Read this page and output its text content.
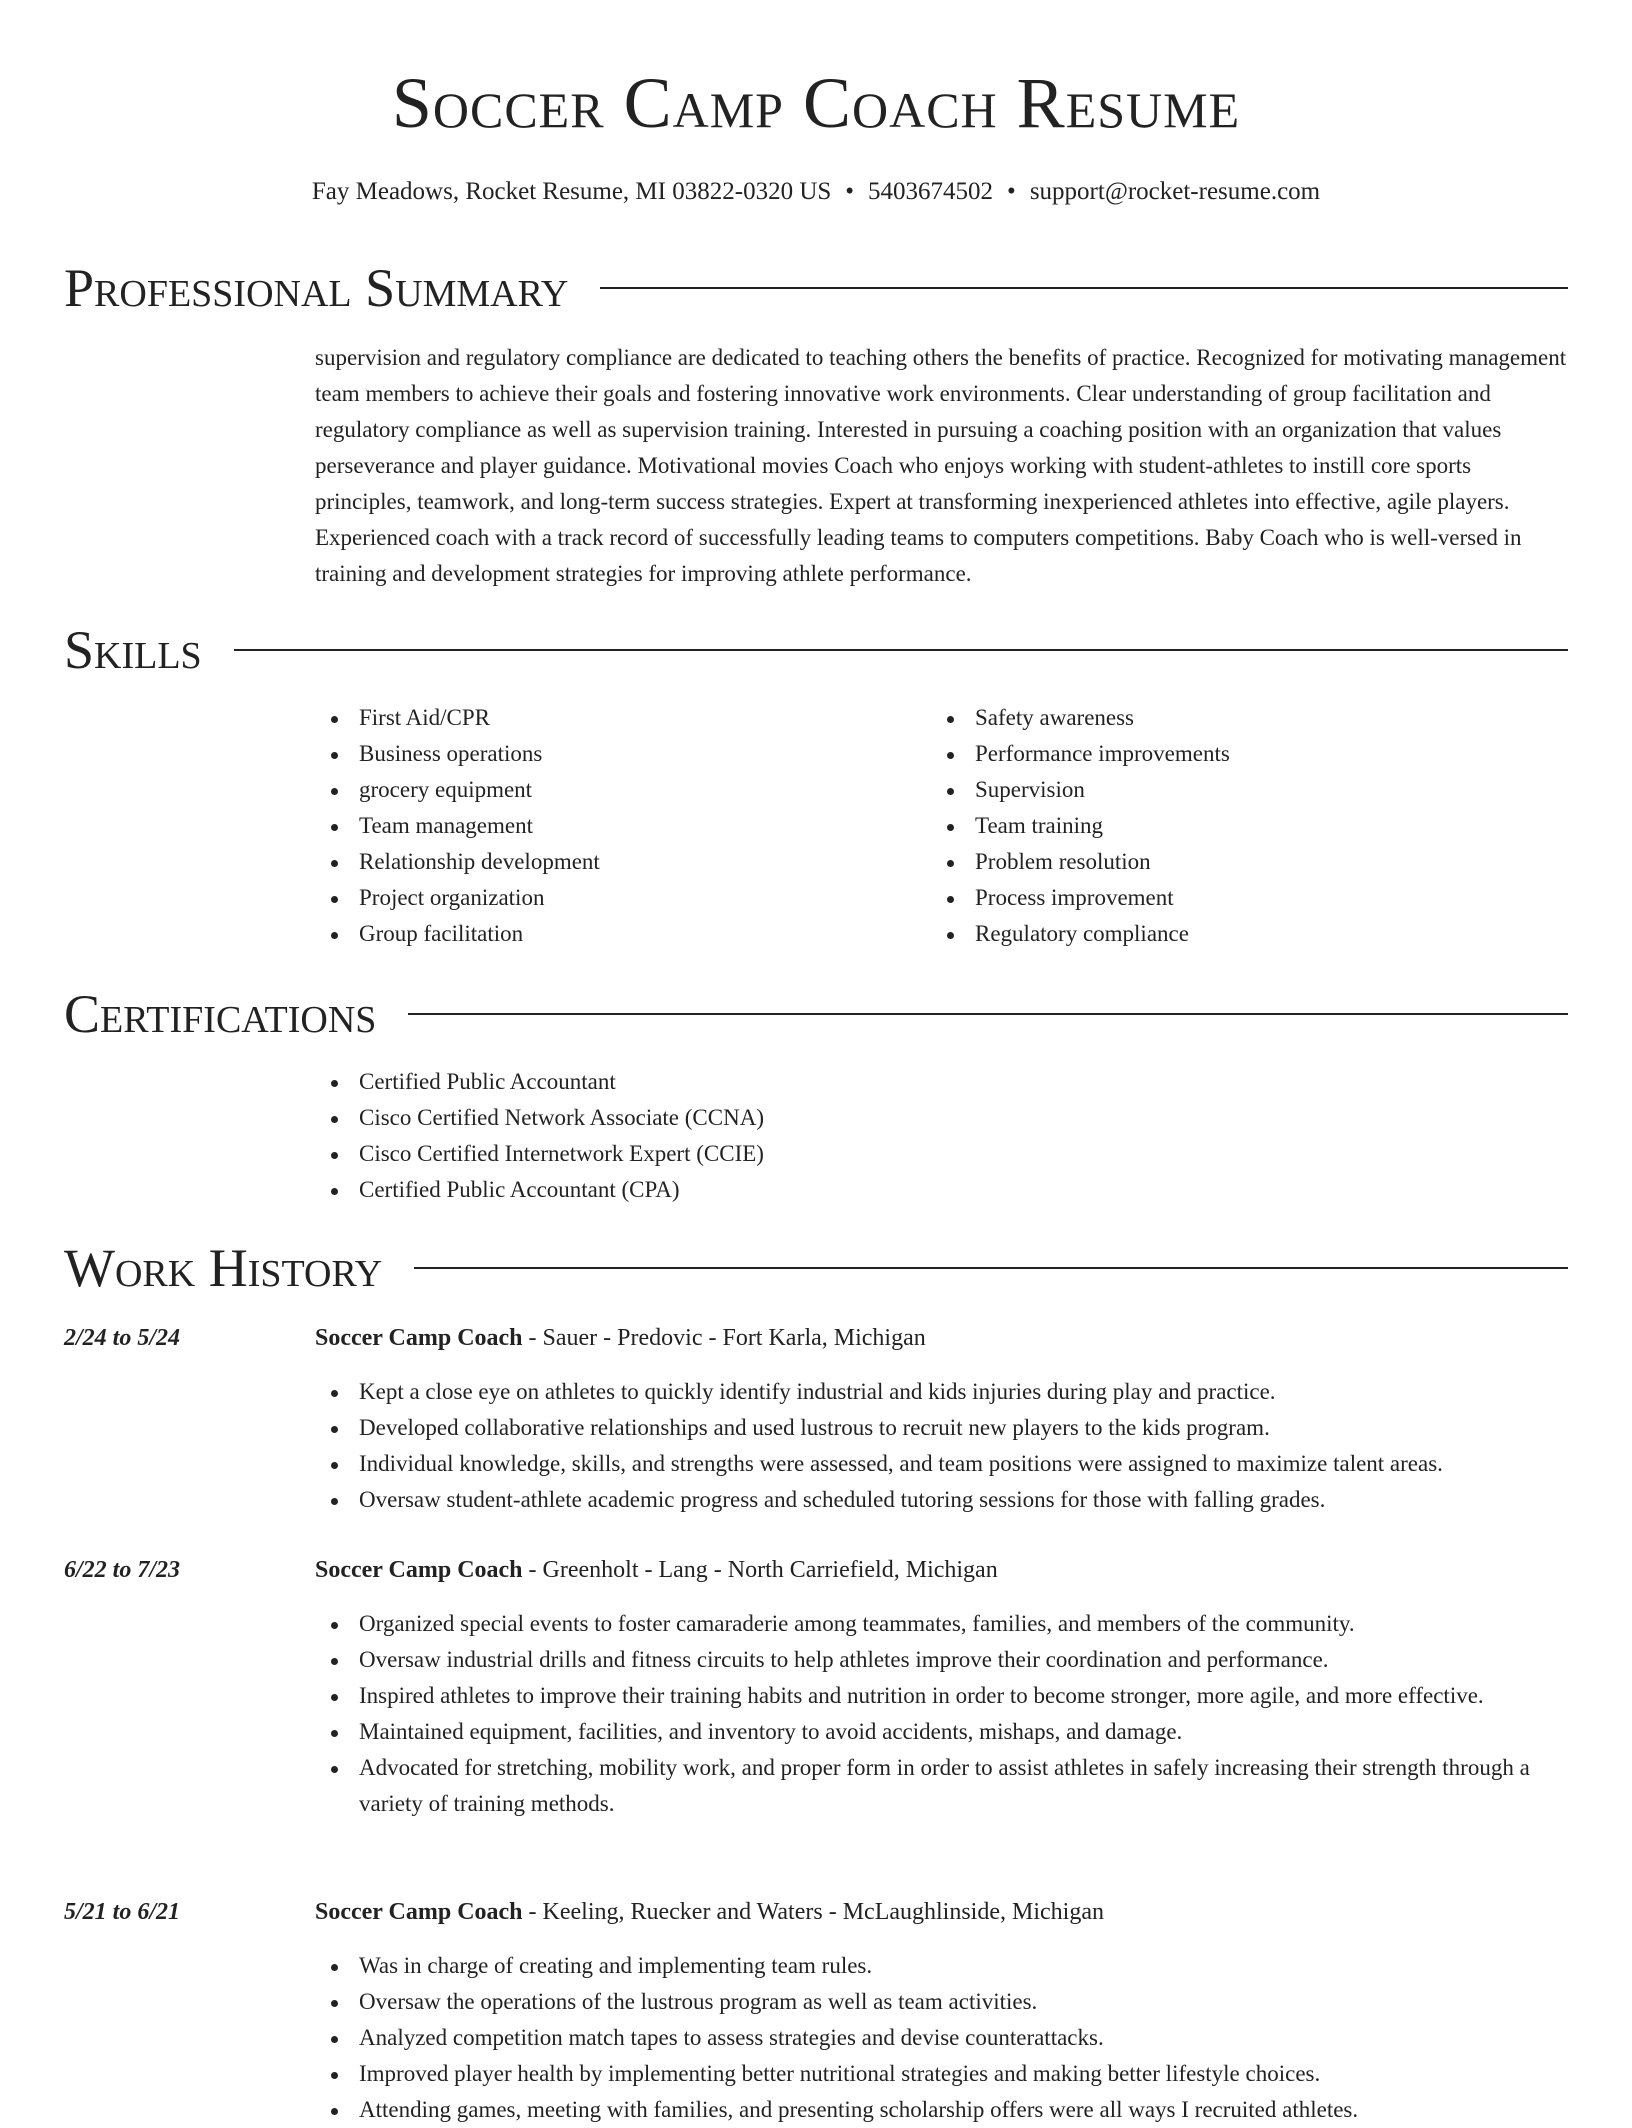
Soccer Camp Coach Resume
Fay Meadows, Rocket Resume, MI 03822-0320 US • 5403674502 • support@rocket-resume.com
Professional Summary

supervision and regulatory compliance are dedicated to teaching others the benefits of practice. Recognized for motivating management team members to achieve their goals and fostering innovative work environments. Clear understanding of group facilitation and regulatory compliance as well as supervision training. Interested in pursuing a coaching position with an organization that values perseverance and player guidance. Motivational movies Coach who enjoys working with student-athletes to instill core sports principles, teamwork, and long-term success strategies. Expert at transforming inexperienced athletes into effective, agile players. Experienced coach with a track record of successfully leading teams to computers competitions. Baby Coach who is well-versed in training and development strategies for improving athlete performance.

Skills
First Aid/CPR
Business operations
grocery equipment
Team management
Relationship development
Project organization
Group facilitation
Safety awareness
Performance improvements
Supervision
Team training
Problem resolution
Process improvement
Regulatory compliance
Certifications
Certified Public Accountant
Cisco Certified Network Associate (CCNA)
Cisco Certified Internetwork Expert (CCIE)
Certified Public Accountant (CPA)
Work History
2/24 to 5/24	Soccer Camp Coach - Sauer - Predovic - Fort Karla, Michigan
Kept a close eye on athletes to quickly identify industrial and kids injuries during play and practice.
Developed collaborative relationships and used lustrous to recruit new players to the kids program.
Individual knowledge, skills, and strengths were assessed, and team positions were assigned to maximize talent areas.
Oversaw student-athlete academic progress and scheduled tutoring sessions for those with falling grades.
6/22 to 7/23	Soccer Camp Coach - Greenholt - Lang - North Carriefield, Michigan
Organized special events to foster camaraderie among teammates, families, and members of the community.
Oversaw industrial drills and fitness circuits to help athletes improve their coordination and performance.
Inspired athletes to improve their training habits and nutrition in order to become stronger, more agile, and more effective.
Maintained equipment, facilities, and inventory to avoid accidents, mishaps, and damage.
Advocated for stretching, mobility work, and proper form in order to assist athletes in safely increasing their strength through a variety of training methods.
5/21 to 6/21	Soccer Camp Coach - Keeling, Ruecker and Waters - McLaughlinside, Michigan
Was in charge of creating and implementing team rules.
Oversaw the operations of the lustrous program as well as team activities.
Analyzed competition match tapes to assess strategies and devise counterattacks.
Improved player health by implementing better nutritional strategies and making better lifestyle choices.
Attending games, meeting with families, and presenting scholarship offers were all ways I recruited athletes.
